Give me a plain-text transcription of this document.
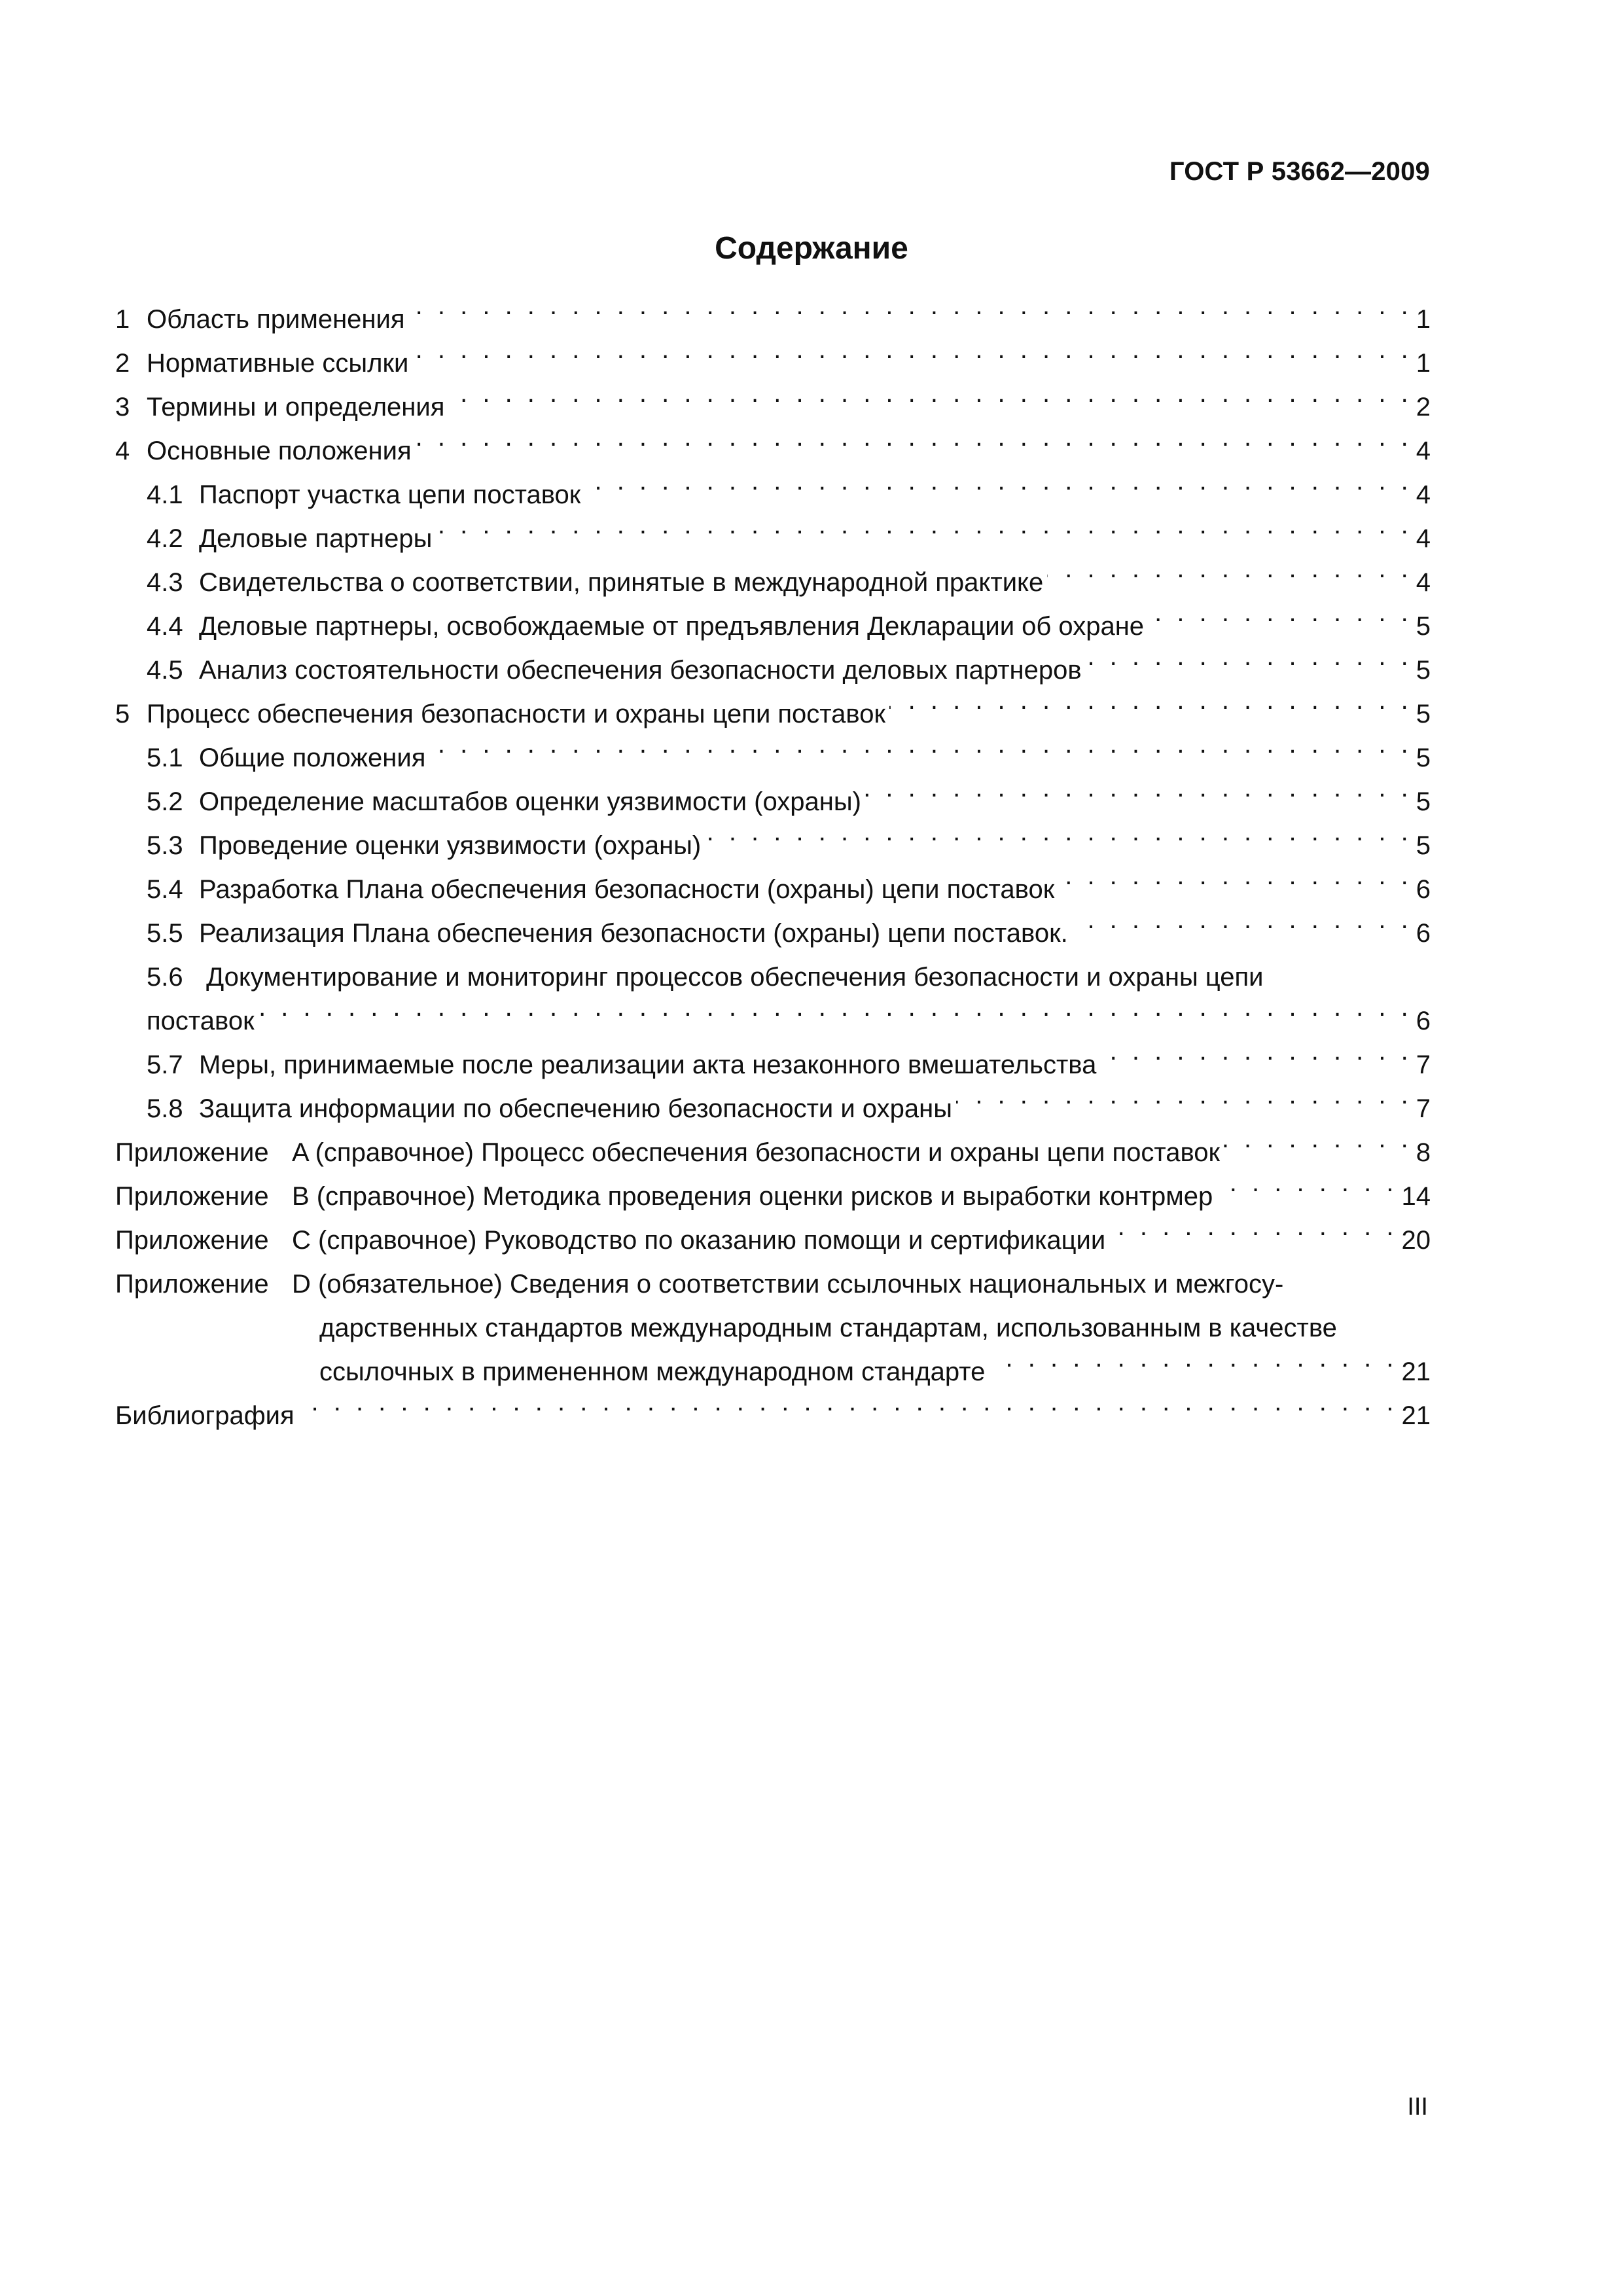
ГОСТ Р 53662—2009
Содержание
1 Область применения . . .	1
2 Нормативные ссылки . . .	1
3 Термины и определения . . .	2
4 Основные положения . . .	4
4.1 Паспорт участка цепи поставок . . .	4
4.2 Деловые партнеры . . .	4
4.3 Свидетельства о соответствии, принятые в международной практике . . .	4
4.4 Деловые партнеры, освобождаемые от предъявления Декларации об охране . . .	5
4.5 Анализ состоятельности обеспечения безопасности деловых партнеров . . .	5
5 Процесс обеспечения безопасности и охраны цепи поставок . . .	5
5.1 Общие положения . . .	5
5.2 Определение масштабов оценки уязвимости (охраны) . . .	5
5.3 Проведение оценки уязвимости (охраны) . . .	5
5.4 Разработка Плана обеспечения безопасности (охраны) цепи поставок . . .	6
5.5 Реализация Плана обеспечения безопасности (охраны) цепи поставок. . . .	6
5.6 Документирование и мониторинг процессов обеспечения безопасности и охраны цепи
поставок . . .	6
5.7 Меры, принимаемые после реализации акта незаконного вмешательства . . .	7
5.8 Защита информации по обеспечению безопасности и охраны . . .	7
Приложение A (справочное) Процесс обеспечения безопасности и охраны цепи поставок . . .	8
Приложение B (справочное) Методика проведения оценки рисков и выработки контрмер . . .	14
Приложение C (справочное) Руководство по оказанию помощи и сертификации . . .	20
Приложение D (обязательное) Сведения о соответствии ссылочных национальных и межгосу-
дарственных стандартов международным стандартам, использованным в качестве
ссылочных в примененном международном стандарте . . .	21
Библиография . . .	21
III
